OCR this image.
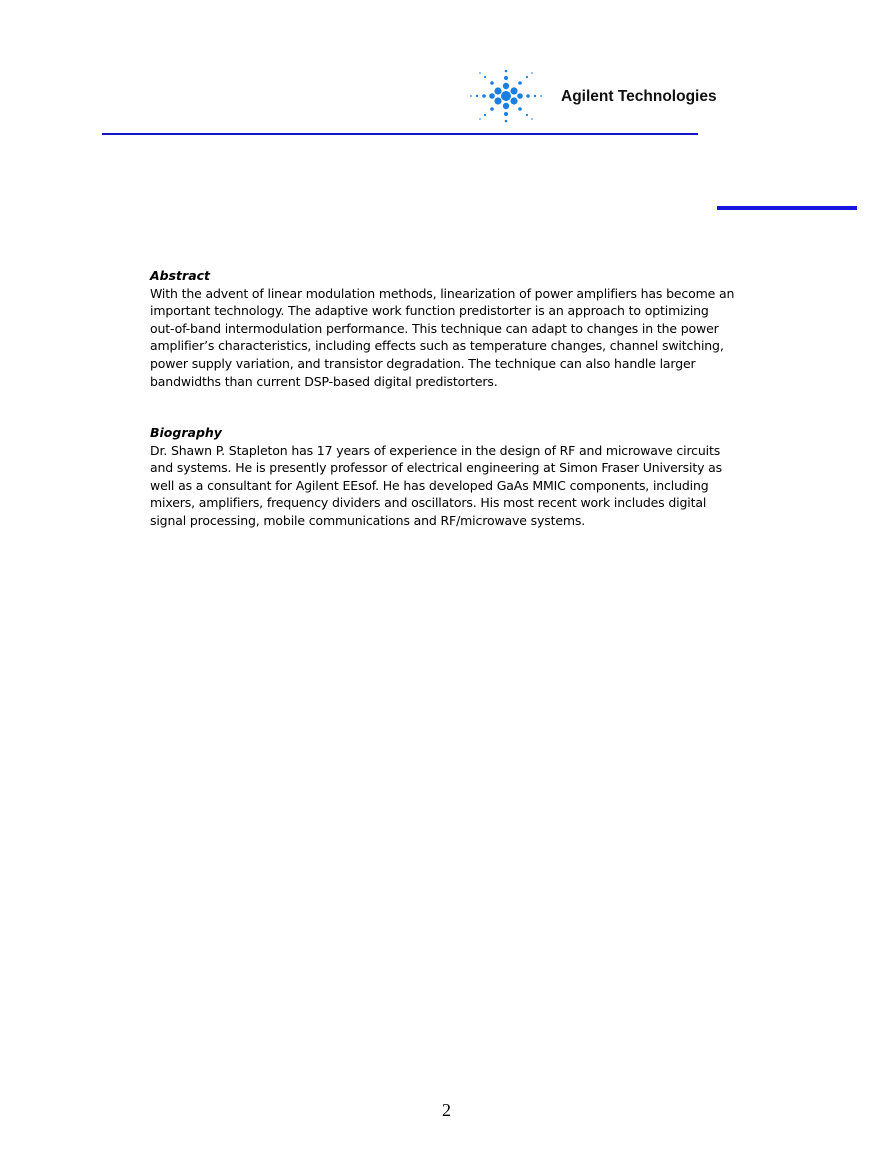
Agilent Technologies

Abstract

With the advent of linear modulation methods, linearization of power amplifiers has become an
important technology. The adaptive work function predistorter is an approach to optimizing
out-of-band intermodulation performance. This technique can adapt to changes in the power
amplifier’s characteristics, including effects such as temperature changes, channel switching,
power supply variation, and transistor degradation. The technique can also handle larger
bandwidths than current DSP-based digital predistorters.

Biography

Dr. Shawn P. Stapleton has 17 years of experience in the design of RF and microwave circuits
and systems. He is presently professor of electrical engineering at Simon Fraser University as
well as a consultant for Agilent EEsof. He has developed GaAs MMIC components, including
mixers, amplifiers, frequency dividers and oscillators. His most recent work includes digital
signal processing, mobile communications and RF/microwave systems.

2
